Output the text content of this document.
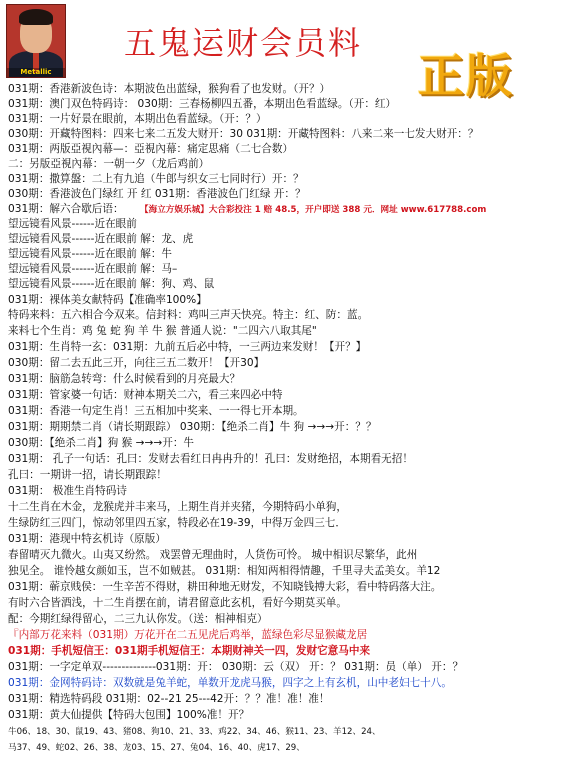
Metallic
五鬼运财会员料
正版
031期：香港新波色诗：本期波色出蓝绿，猴狗看了也发财。（开？）
031期：澳门双色特码诗： 030期：三春杨柳四五番，本期出色看蓝绿。（开：红）
031期：一片好景在眼前，本期出色看蓝绿。（开：？）
030期：开藏特图料：四来七来二五发大财开：30 031期：开藏特图料：八来二来一七发大财开：？
031期：两版亞視內幕—：亞視內幕：痛定思痛（二七合数）
二：另版亞視內幕：一朝一夕（龙后鸡前）
031期：撒算盤：二上有九追（牛郎与织女三七同时行）开：？
030期：香港波色门绿红 开 红 031期：香港波色门红绿 开：？
031期：解六合歇后语： 【海立方娱乐城】大合彩投注 1 赔 48.5，开户即送 388 元．网址 www.617788.com
望远镜看风景------近在眼前
望远镜看风景------近在眼前 解：龙、虎
望远镜看风景------近在眼前 解：牛
望远镜看风景------近在眼前 解：马–
望远镜看风景------近在眼前 解：狗、鸡、鼠
031期：裸体美女献特码【准确率100%】
特码来料：五六相合今双来。信封料：鸡叫三声天快亮。特主：红、防：蓝。
来料七个生肖：鸡 兔 蛇 狗 羊 牛 猴 普通人说："二四六八取其尾"
031期：生肖特一玄：031期：九前五后必中特，一三两边来发财！【开？】
030期：留二去五此三开，向往三五二数开！【开30】
031期：脑筋急转弯：什么时候看到的月亮最大？
031期：管家婆一句话：财神本期关二六，看三来四必中特
031期：香港一句定生肖！三五相加中奖来、一一得七开本期。
031期：期期禁二肖（请长期跟踪） 030期：【绝杀二肖】牛 狗 →→→开：？？
030期：【绝杀二肖】狗 猴 →→→开：牛
031期： 孔子一句话：孔曰：发财去看红日冉冉升的！孔曰：发财绝招，本期看无招！
孔曰：一期讲一招，请长期跟踪！
031期： 极准生肖特码诗
十二生肖在木金，龙猴虎并丰来马，上期生肖并夹猪，今期特码小单狗，
生绿防红三四门，惊动邻里四五家，特段必在19-39，中得万金四三七．
031期：港现中特玄机诗（原版）
春留晴灭九微火。山夷又纷然。 戏罢曾无理曲时，人货伤可怜。 城中相识尽繁华，此州
独见全。 谁怜越女颜如玉，岂不如贼甚。 031期：相知两相得情趣，千里寻夫孟美女。羊12
031期：蕲京贱侯：一生辛苦不得财，耕田种地无财发，不知晓钱搏大彩，看中特码落大注。
有时六合皆酒浅，十二生肖摆在前，请君留意此玄机，看好今期莫买单。
配：今期红绿得留心，二三九认你发。（送：相神相克）
『内部万花来料（031期）万花开在二五见虎后鸡举，蓝绿色彩尽显猴藏龙居
031期：手机短信王：031期手机短信王：本期财神关一四，发财它意马中来
031期：一字定单双--------------031期：开： 030期：云（双） 开：？ 031期：员（单） 开：？
031期：金网特码诗：双数就是兔羊蛇，单数开龙虎马猴，四字之上有玄机，山中老妇七十八。
031期：精选特码段 031期：02--21 25---42开：？？准！准！准！
031期：黄大仙提供【特码大包围】100%准！开？
牛06、18、30、鼠19、43、猪08、狗10、21、33、鸡22、34、46、猴11、23、羊12、24、
马37、49、蛇02、26、38、龙03、15、27、兔04、16、40、虎17、29、
